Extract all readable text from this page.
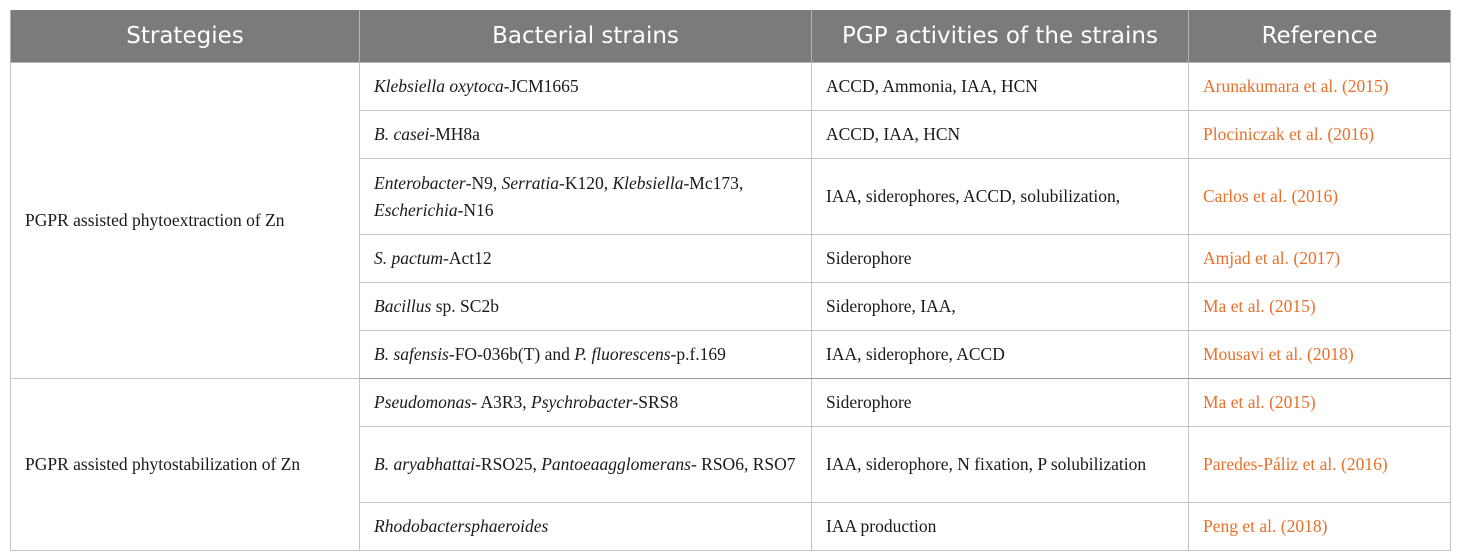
Strategies	Bacterial strains	PGP activities of the strains	Reference
PGPR assisted phytoextraction of Zn	Klebsiella oxytoca-JCM1665	ACCD, Ammonia, IAA, HCN	Arunakumara et al. (2015)
	B. casei-MH8a	ACCD, IAA, HCN	Plociniczak et al. (2016)
	Enterobacter-N9, Serratia-K120, Klebsiella-Mc173, Escherichia-N16	IAA, siderophores, ACCD, solubilization,	Carlos et al. (2016)
	S. pactum-Act12	Siderophore	Amjad et al. (2017)
	Bacillus sp. SC2b	Siderophore, IAA,	Ma et al. (2015)
	B. safensis-FO-036b(T) and P. fluorescens-p.f.169	IAA, siderophore, ACCD	Mousavi et al. (2018)
PGPR assisted phytostabilization of Zn	Pseudomonas- A3R3, Psychrobacter-SRS8	Siderophore	Ma et al. (2015)
	B. aryabhattai-RSO25, Pantoeaagglomerans- RSO6, RSO7	IAA, siderophore, N fixation, P solubilization	Paredes-Páliz et al. (2016)
	Rhodobactersphaeroides	IAA production	Peng et al. (2018)
